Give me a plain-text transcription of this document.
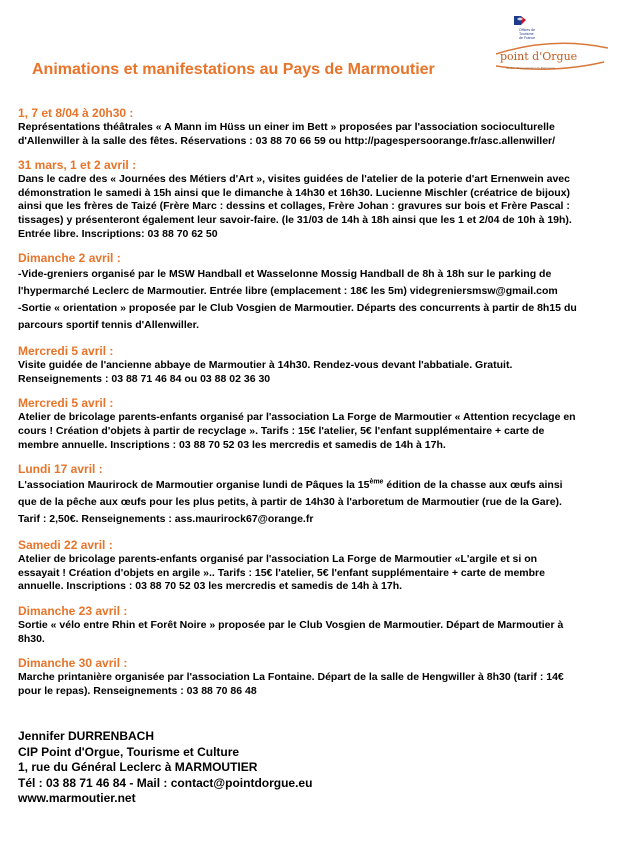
Offices de
Tourisme
de France
point d'Orgue
Centre d'Interprétation du Patrimoine
Animations et manifestations au Pays de Marmoutier

1, 7 et 8/04 à 20h30 :

Représentations théâtrales « A Mann im Hüss un einer im Bett » proposées par l'association socioculturelle

d'Allenwiller à la salle des fêtes. Réservations : 03 88 70 66 59 ou http://pagespersoorange.fr/asc.allenwiller/

31 mars, 1 et 2 avril :

Dans le cadre des « Journées des Métiers d'Art », visites guidées de l'atelier de la poterie d'art Ernenwein avec

démonstration le samedi à 15h ainsi que le dimanche à 14h30 et 16h30. Lucienne Mischler (créatrice de bijoux)

ainsi que les frères de Taizé (Frère Marc : dessins et collages, Frère Johan : gravures sur bois et Frère Pascal :

tissages) y présenteront également leur savoir-faire. (le 31/03 de 14h à 18h ainsi que les 1 et 2/04 de 10h à 19h).

Entrée libre. Inscriptions: 03 88 70 62 50

Dimanche 2 avril :

-Vide-greniers organisé par le MSW Handball et Wasselonne Mossig Handball de 8h à 18h sur le parking de

l'hypermarché Leclerc de Marmoutier. Entrée libre (emplacement : 18€ les 5m) videgreniersmsw@gmail.com

-Sortie « orientation » proposée par le Club Vosgien de Marmoutier. Départs des concurrents à partir de 8h15 du

parcours sportif tennis d'Allenwiller.

Mercredi 5 avril :

Visite guidée de l'ancienne abbaye de Marmoutier à 14h30. Rendez-vous devant l'abbatiale. Gratuit.

Renseignements : 03 88 71 46 84 ou 03 88 02 36 30

Mercredi 5 avril :

Atelier de bricolage parents-enfants organisé par l'association La Forge de Marmoutier « Attention recyclage en

cours ! Création d'objets à partir de recyclage ». Tarifs : 15€ l'atelier, 5€ l'enfant supplémentaire + carte de

membre annuelle. Inscriptions : 03 88 70 52 03 les mercredis et samedis de 14h à 17h.

Lundi 17 avril :

L'association Maurirock de Marmoutier organise lundi de Pâques la 15ème édition de la chasse aux œufs ainsi

que de la pêche aux œufs pour les plus petits, à partir de 14h30 à l'arboretum de Marmoutier (rue de la Gare).

Tarif : 2,50€. Renseignements : ass.maurirock67@orange.fr

Samedi 22 avril :

Atelier de bricolage parents-enfants organisé par l'association La Forge de Marmoutier «L'argile et si on

essayait ! Création d'objets en argile ».. Tarifs : 15€ l'atelier, 5€ l'enfant supplémentaire + carte de membre

annuelle. Inscriptions : 03 88 70 52 03 les mercredis et samedis de 14h à 17h.

Dimanche 23 avril :

Sortie « vélo entre Rhin et Forêt Noire » proposée par le Club Vosgien de Marmoutier. Départ de Marmoutier à

8h30.

Dimanche 30 avril :

Marche printanière organisée par l'association La Fontaine. Départ de la salle de Hengwiller à 8h30 (tarif : 14€

pour le repas). Renseignements : 03 88 70 86 48

Jennifer DURRENBACH

CIP Point d'Orgue, Tourisme et Culture

1, rue du Général Leclerc à MARMOUTIER

Tél : 03 88 71 46 84 - Mail : contact@pointdorgue.eu

www.marmoutier.net
